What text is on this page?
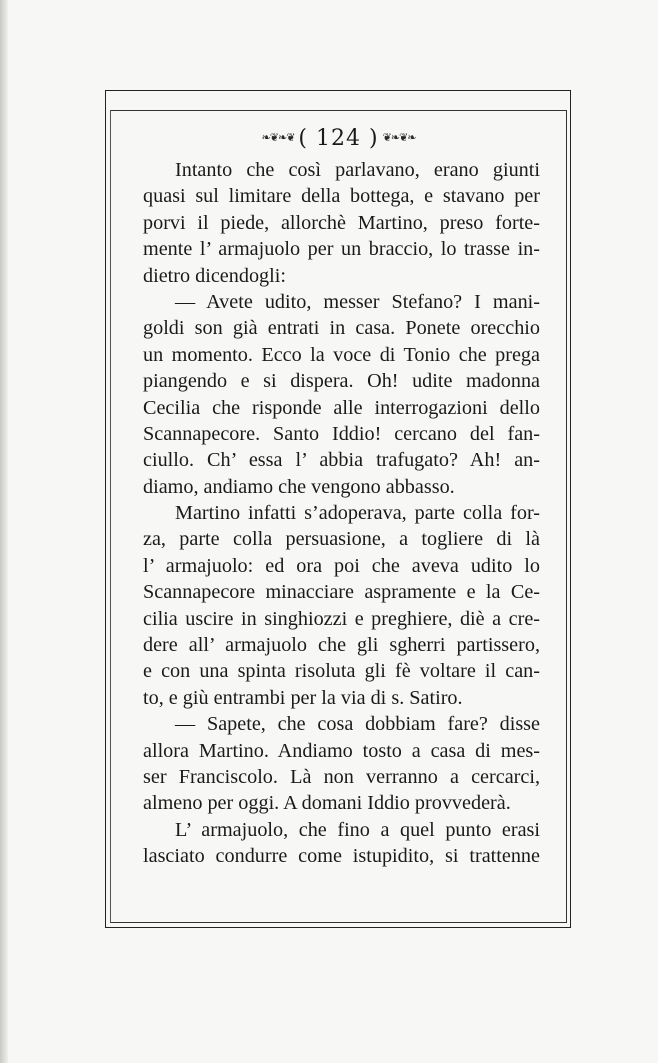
❧❦❧❦ ( 124 ) ❦❧❦❧
Intanto che così parlavano, erano giunti
quasi sul limitare della bottega, e stavano per
porvi il piede, allorchè Martino, preso forte-
mente l’ armajuolo per un braccio, lo trasse in-
dietro dicendogli:
— Avete udito, messer Stefano? I mani-
goldi son già entrati in casa. Ponete orecchio
un momento. Ecco la voce di Tonio che prega
piangendo e si dispera. Oh! udite madonna
Cecilia che risponde alle interrogazioni dello
Scannapecore. Santo Iddio! cercano del fan-
ciullo. Ch’ essa l’ abbia trafugato? Ah! an-
diamo, andiamo che vengono abbasso.
Martino infatti s’adoperava, parte colla for-
za, parte colla persuasione, a togliere di là
l’ armajuolo: ed ora poi che aveva udito lo
Scannapecore minacciare aspramente e la Ce-
cilia uscire in singhiozzi e preghiere, diè a cre-
dere all’ armajuolo che gli sgherri partissero,
e con una spinta risoluta gli fè voltare il can-
to, e giù entrambi per la via di s. Satiro.
— Sapete, che cosa dobbiam fare? disse
allora Martino. Andiamo tosto a casa di mes-
ser Franciscolo. Là non verranno a cercarci,
almeno per oggi. A domani Iddio provvederà.
L’ armajuolo, che fino a quel punto erasi
lasciato condurre come istupidito, si trattenne
